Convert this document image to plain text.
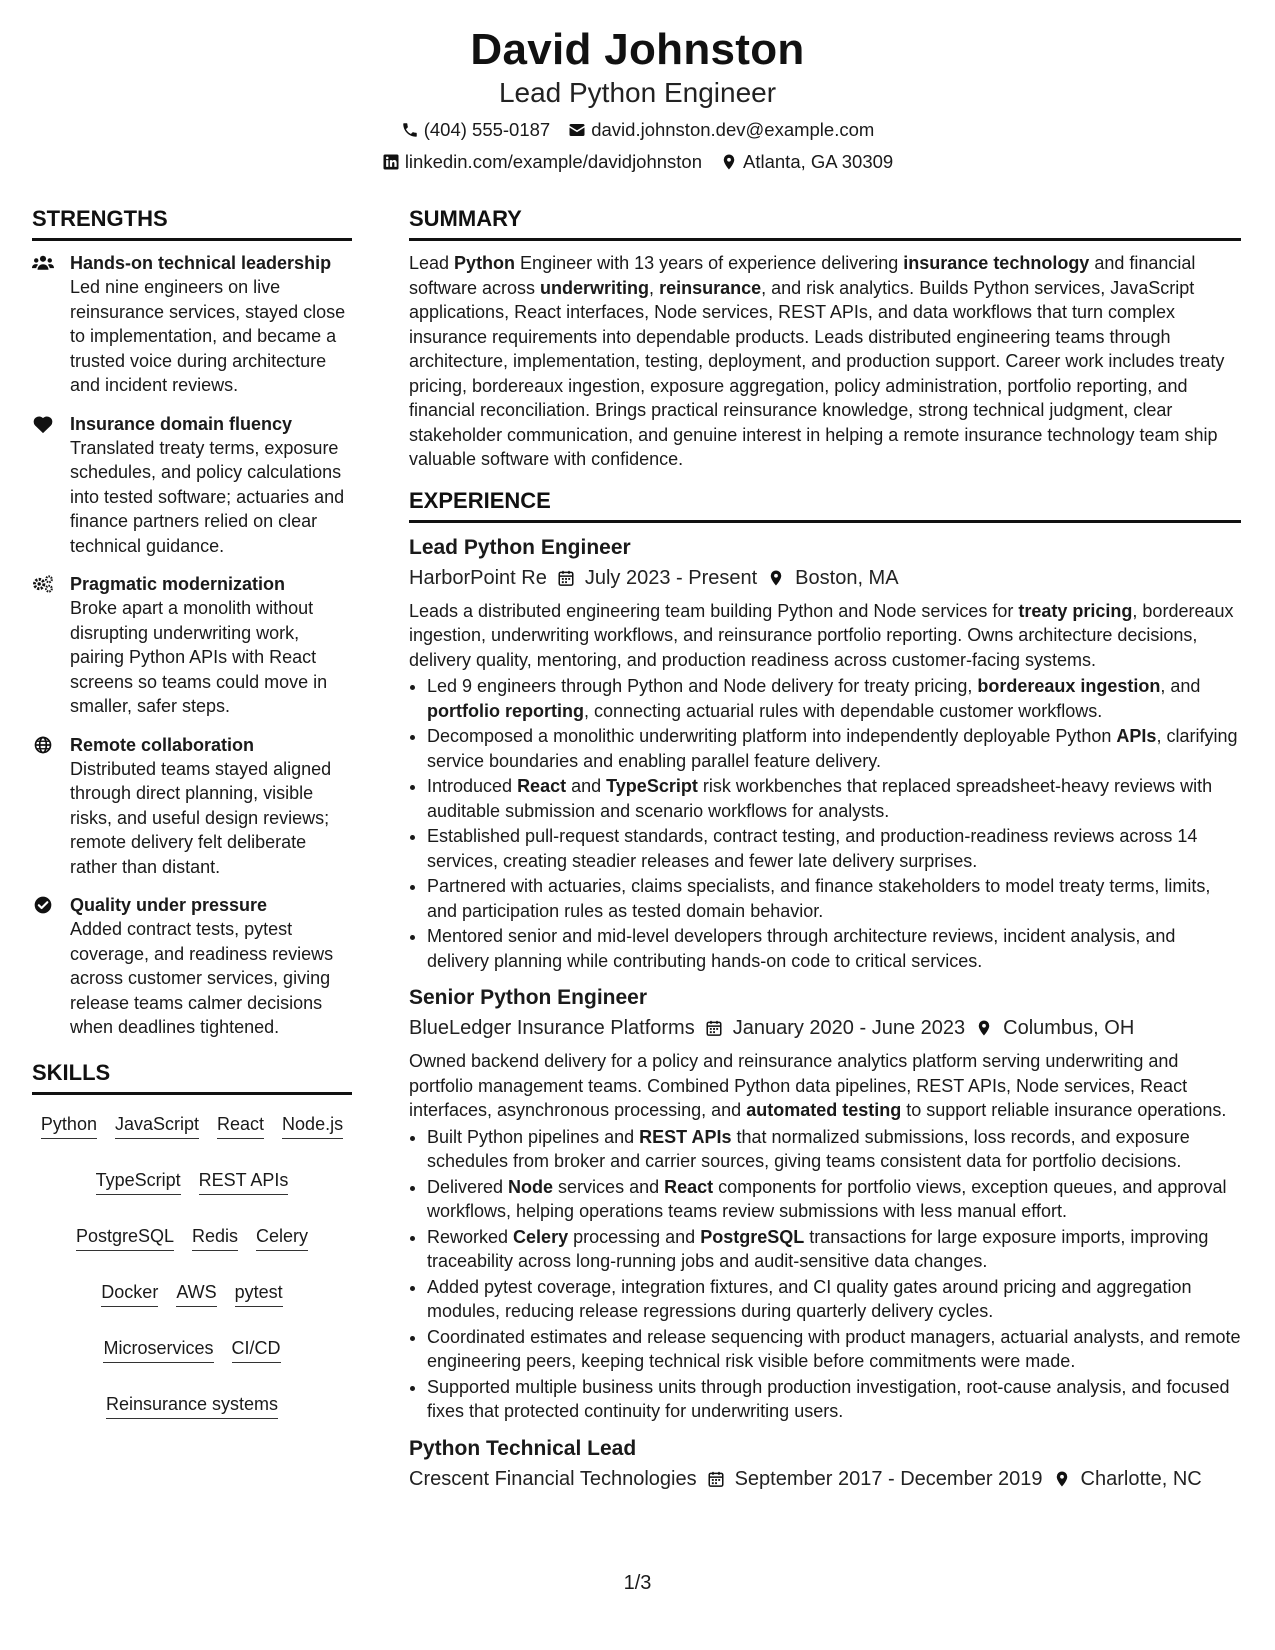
David Johnston
Lead Python Engineer
(404) 555-0187 david.johnston.dev@example.com
linkedin.com/example/davidjohnston Atlanta, GA 30309
STRENGTHS
Hands-on technical leadership
Led nine engineers on live reinsurance services, stayed close to implementation, and became a trusted voice during architecture and incident reviews.
Insurance domain fluency
Translated treaty terms, exposure schedules, and policy calculations into tested software; actuaries and finance partners relied on clear technical guidance.
Pragmatic modernization
Broke apart a monolith without disrupting underwriting work, pairing Python APIs with React screens so teams could move in smaller, safer steps.
Remote collaboration
Distributed teams stayed aligned through direct planning, visible risks, and useful design reviews; remote delivery felt deliberate rather than distant.
Quality under pressure
Added contract tests, pytest coverage, and readiness reviews across customer services, giving release teams calmer decisions when deadlines tightened.
SKILLS
Python JavaScript React Node.js
TypeScript REST APIs
PostgreSQL Redis Celery
Docker AWS pytest
Microservices CI/CD
Reinsurance systems
SUMMARY

Lead Python Engineer with 13 years of experience delivering insurance technology and financial software across underwriting, reinsurance, and risk analytics. Builds Python services, JavaScript applications, React interfaces, Node services, REST APIs, and data workflows that turn complex insurance requirements into dependable products. Leads distributed engineering teams through architecture, implementation, testing, deployment, and production support. Career work includes treaty pricing, bordereaux ingestion, exposure aggregation, policy administration, portfolio reporting, and financial reconciliation. Brings practical reinsurance knowledge, strong technical judgment, clear stakeholder communication, and genuine interest in helping a remote insurance technology team ship valuable software with confidence.

EXPERIENCE
Lead Python Engineer
HarborPoint Re July 2023 - Present Boston, MA

Leads a distributed engineering team building Python and Node services for treaty pricing, bordereaux ingestion, underwriting workflows, and reinsurance portfolio reporting. Owns architecture decisions, delivery quality, mentoring, and production readiness across customer-facing systems.

• Led 9 engineers through Python and Node delivery for treaty pricing, bordereaux ingestion, and portfolio reporting, connecting actuarial rules with dependable customer workflows.
• Decomposed a monolithic underwriting platform into independently deployable Python APIs, clarifying service boundaries and enabling parallel feature delivery.
• Introduced React and TypeScript risk workbenches that replaced spreadsheet-heavy reviews with auditable submission and scenario workflows for analysts.
• Established pull-request standards, contract testing, and production-readiness reviews across 14 services, creating steadier releases and fewer late delivery surprises.
• Partnered with actuaries, claims specialists, and finance stakeholders to model treaty terms, limits, and participation rules as tested domain behavior.
• Mentored senior and mid-level developers through architecture reviews, incident analysis, and delivery planning while contributing hands-on code to critical services.
Senior Python Engineer
BlueLedger Insurance Platforms January 2020 - June 2023 Columbus, OH

Owned backend delivery for a policy and reinsurance analytics platform serving underwriting and portfolio management teams. Combined Python data pipelines, REST APIs, Node services, React interfaces, asynchronous processing, and automated testing to support reliable insurance operations.

• Built Python pipelines and REST APIs that normalized submissions, loss records, and exposure schedules from broker and carrier sources, giving teams consistent data for portfolio decisions.
• Delivered Node services and React components for portfolio views, exception queues, and approval workflows, helping operations teams review submissions with less manual effort.
• Reworked Celery processing and PostgreSQL transactions for large exposure imports, improving traceability across long-running jobs and audit-sensitive data changes.
• Added pytest coverage, integration fixtures, and CI quality gates around pricing and aggregation modules, reducing release regressions during quarterly delivery cycles.
• Coordinated estimates and release sequencing with product managers, actuarial analysts, and remote engineering peers, keeping technical risk visible before commitments were made.
• Supported multiple business units through production investigation, root-cause analysis, and focused fixes that protected continuity for underwriting users.
Python Technical Lead
Crescent Financial Technologies September 2017 - December 2019 Charlotte, NC
1/3
